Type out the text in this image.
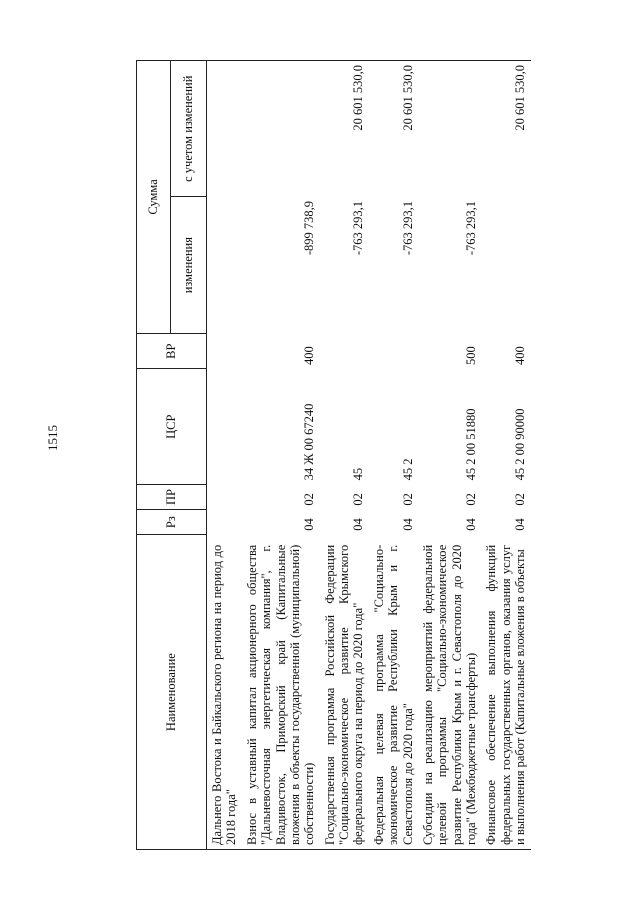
1515
Наименование	Рз	ПР	ЦСР	ВР	Сумма	
					изменения	с учетом изменений
Дальнего Востока и Байкальского региона на период до 2018 года"						
Взнос в уставный капитал акционерного общества "Дальневосточная энергетическая компания", г. Владивосток, Приморский край (Капитальные вложения в объекты государственной (муниципальной) собственности)	04	02	34 Ж 00 67240	400	-899 738,9	
Государственная программа Российской Федерации "Социально-экономическое развитие Крымского федерального округа на период до 2020 года"	04	02	45		-763 293,1	20 601 530,0
Федеральная целевая программа "Социально-экономическое развитие Республики Крым и г. Севастополя до 2020 года"	04	02	45 2		-763 293,1	20 601 530,0
Субсидии на реализацию мероприятий федеральной целевой программы "Социально-экономическое развитие Республики Крым и г. Севастополя до 2020 года" (Межбюджетные трансферты)	04	02	45 2 00 51880	500	-763 293,1	
Финансовое обеспечение выполнения функций федеральных государственных органов, оказания услуг и выполнения работ (Капитальные вложения в объекты	04	02	45 2 00 90000	400		20 601 530,0
